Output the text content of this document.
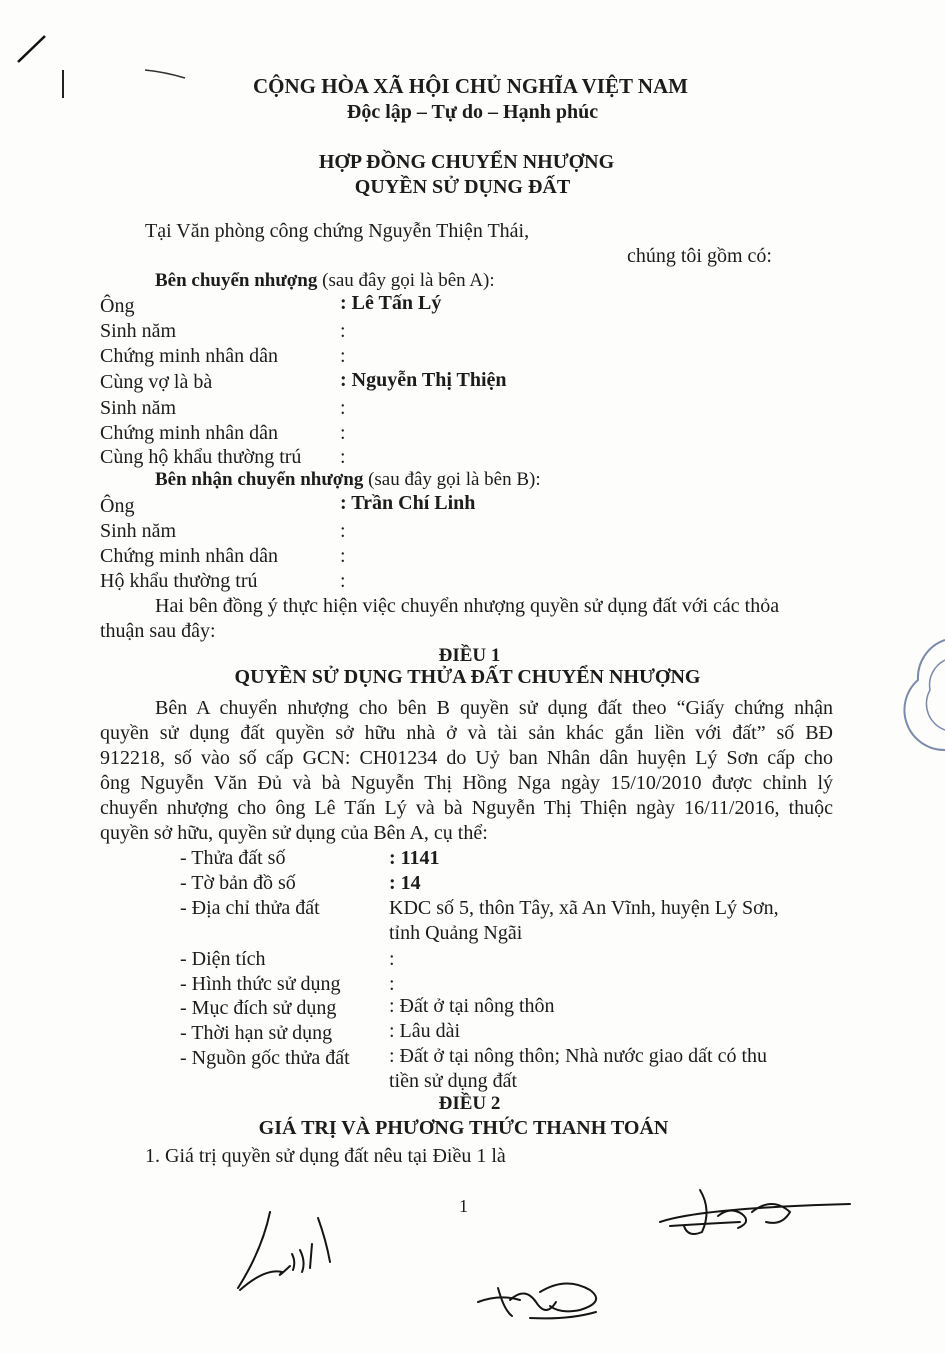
CỘNG HÒA XÃ HỘI CHỦ NGHĨA VIỆT NAM
Độc lập – Tự do – Hạnh phúc
HỢP ĐỒNG CHUYỂN NHƯỢNG
QUYỀN SỬ DỤNG ĐẤT
Tại Văn phòng công chứng Nguyễn Thiện Thái,
chúng tôi gồm có:
Bên chuyển nhượng (sau đây gọi là bên A):
Ông	: Lê Tấn Lý
Sinh năm	:
Chứng minh nhân dân	:
Cùng vợ là bà	: Nguyễn Thị Thiện
Sinh năm	:
Chứng minh nhân dân	:
Cùng hộ khẩu thường trú :
Bên nhận chuyển nhượng (sau đây gọi là bên B):
Ông	: Trần Chí Linh
Sinh năm	:
Chứng minh nhân dân	:
Hộ khẩu thường trú	:
Hai bên đồng ý thực hiện việc chuyển nhượng quyền sử dụng đất với các thỏa
thuận sau đây:
ĐIỀU 1
QUYỀN SỬ DỤNG THỬA ĐẤT CHUYỂN NHƯỢNG
Bên A chuyển nhượng cho bên B quyền sử dụng đất theo “Giấy chứng nhận
quyền sử dụng đất quyền sở hữu nhà ở và tài sản khác gắn liền với đất” số BĐ
912218, số vào số cấp GCN: CH01234 do Uỷ ban Nhân dân huyện Lý Sơn cấp cho
ông Nguyễn Văn Đủ và bà Nguyễn Thị Hồng Nga ngày 15/10/2010 được chỉnh lý
chuyển nhượng cho ông Lê Tấn Lý và bà Nguyễn Thị Thiện ngày 16/11/2016, thuộc
quyền sở hữu, quyền sử dụng của Bên A, cụ thể:
- Thửa đất số	: 1141
- Tờ bản đồ số	: 14
- Địa chỉ thửa đất	KDC số 5, thôn Tây, xã An Vĩnh, huyện Lý Sơn,
tỉnh Quảng Ngãi
- Diện tích	:
- Hình thức sử dụng :
- Mục đích sử dụng	: Đất ở tại nông thôn
- Thời hạn sử dụng	: Lâu dài
- Nguồn gốc thửa đất : Đất ở tại nông thôn; Nhà nước giao dất có thu
tiền sử dụng đất
ĐIỀU 2
GIÁ TRỊ VÀ PHƯƠNG THỨC THANH TOÁN
1. Giá trị quyền sử dụng đất nêu tại Điều 1 là
1
